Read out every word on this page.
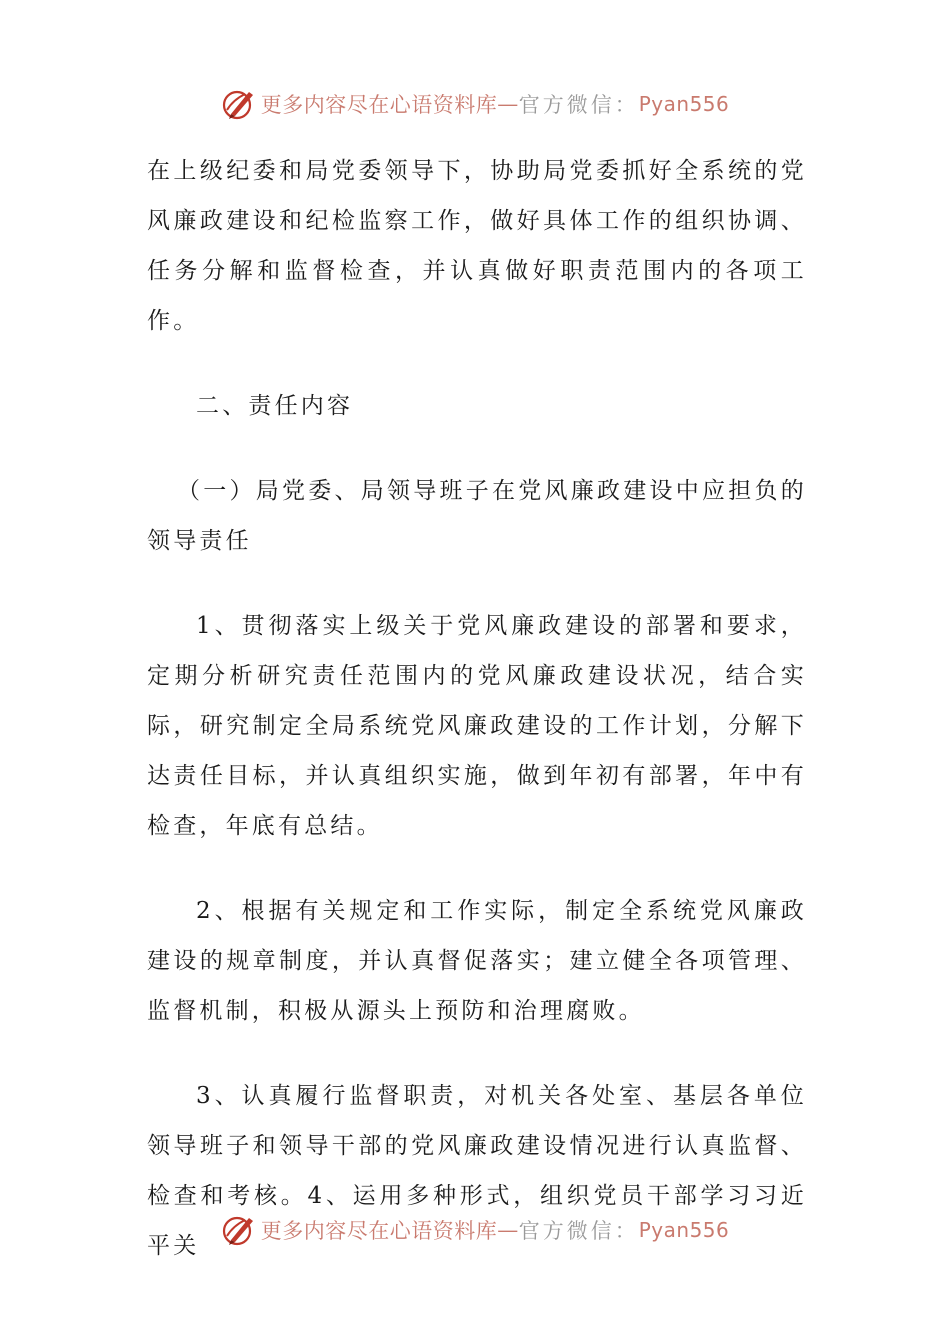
更多内容尽在心语资料库 — 官方微信： Pyan556

在上级纪委和局党委领导下，协助局党委抓好全系统的党风廉政建设和纪检监察工作，做好具体工作的组织协调、任务分解和监督检查，并认真做好职责范围内的各项工作。

二、责任内容

（一）局党委、局领导班子在党风廉政建设中应担负的领导责任

1、贯彻落实上级关于党风廉政建设的部署和要求，定期分析研究责任范围内的党风廉政建设状况，结合实际，研究制定全局系统党风廉政建设的工作计划，分解下达责任目标，并认真组织实施，做到年初有部署，年中有检查，年底有总结。

2、根据有关规定和工作实际，制定全系统党风廉政建设的规章制度，并认真督促落实；建立健全各项管理、监督机制，积极从源头上预防和治理腐败。

3、认真履行监督职责，对机关各处室、基层各单位领导班子和领导干部的党风廉政建设情况进行认真监督、检查和考核。4、运用多种形式，组织党员干部学习习近平关

更多内容尽在心语资料库 — 官方微信： Pyan556
